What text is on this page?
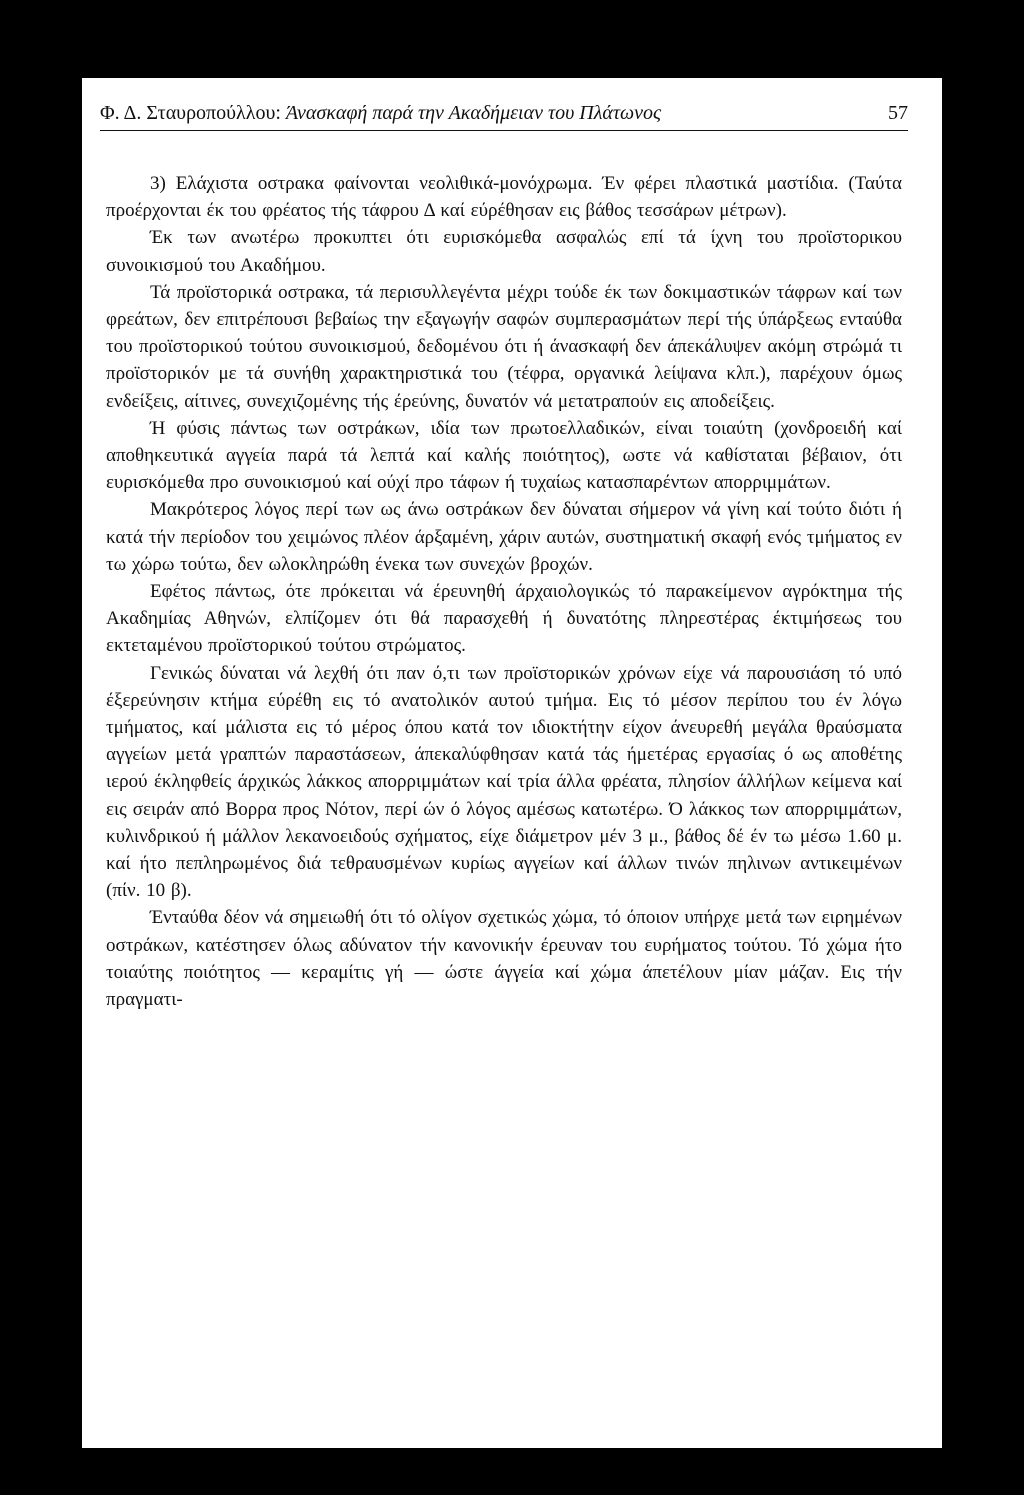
Φ. Δ. Σταυροπούλλου: Άνασκαφή παρά την Ακαδήμειαν του Πλάτωνος	57

3) Ελάχιστα οστρακα φαίνονται νεολιθικά-μονόχρωμα. Έν φέρει πλαστικά μαστίδια. (Ταύτα προέρχονται έκ του φρέατος τής τάφρου Δ καί εύρέθησαν εις βάθος τεσσάρων μέτρων).

Έκ των ανωτέρω προκυπτει ότι ευρισκόμεθα ασφαλώς επί τά ίχνη του προϊστορικου συνοικισμού του Ακαδήμου.

Τά προϊστορικά οστρακα, τά περισυλλεγέντα μέχρι τούδε έκ των δοκιμαστικών τάφρων καί των φρεάτων, δεν επιτρέπουσι βεβαίως την εξαγωγήν σαφών συμπερασμάτων περί τής ύπάρξεως ενταύθα του προϊστορικού τούτου συνοικισμού, δεδομένου ότι ή άνασκαφή δεν άπεκάλυψεν ακόμη στρώμά τι προϊστορικόν με τά συνήθη χαρακτηριστικά του (τέφρα, οργανικά λείψανα κλπ.), παρέχουν όμως ενδείξεις, αίτινες, συνεχιζομένης τής έρεύνης, δυνατόν νά μετατραπούν εις αποδείξεις.

Ή φύσις πάντως των οστράκων, ιδία των πρωτοελλαδικών, είναι τοιαύτη (χονδροειδή καί αποθηκευτικά αγγεία παρά τά λεπτά καί καλής ποιότητος), ωστε νά καθίσταται βέβαιον, ότι ευρισκόμεθα προ συνοικισμού καί ούχί προ τάφων ή τυχαίως κατασπαρέντων απορριμμάτων.

Μακρότερος λόγος περί των ως άνω οστράκων δεν δύναται σήμερον νά γίνη καί τούτο διότι ή κατά τήν περίοδον του χειμώνος πλέον άρξαμένη, χάριν αυτών, συστηματική σκαφή ενός τμήματος εν τω χώρω τούτω, δεν ωλοκληρώθη ένεκα των συνεχών βροχών.

Εφέτος πάντως, ότε πρόκειται νά έρευνηθή άρχαιολογικώς τό παρακείμενον αγρόκτημα τής Ακαδημίας Αθηνών, ελπίζομεν ότι θά παρασχεθή ή δυνατότης πληρεστέρας έκτιμήσεως του εκτεταμένου προϊστορικού τούτου στρώματος.

Γενικώς δύναται νά λεχθή ότι παν ό,τι των προϊστορικών χρόνων είχε νά παρουσιάση τό υπό έξερεύνησιν κτήμα εύρέθη εις τό ανατολικόν αυτού τμήμα. Εις τό μέσον περίπου του έν λόγω τμήματος, καί μάλιστα εις τό μέρος όπου κατά τον ιδιοκτήτην είχον άνευρεθή μεγάλα θραύσματα αγγείων μετά γραπτών παραστάσεων, άπεκαλύφθησαν κατά τάς ήμετέρας εργασίας ό ως αποθέτης ιερού έκληφθείς άρχικώς λάκκος απορριμμάτων καί τρία άλλα φρέατα, πλησίον άλλήλων κείμενα καί εις σειράν από Βορρα προς Νότον, περί ών ό λόγος αμέσως κατωτέρω. Ό λάκκος των απορριμμάτων, κυλινδρικού ή μάλλον λεκανοειδούς σχήματος, είχε διάμετρον μέν 3 μ., βάθος δέ έν τω μέσω 1.60 μ. καί ήτο πεπληρωμένος διά τεθραυσμένων κυρίως αγγείων καί άλλων τινών πηλινων αντικειμένων (πίν. 10 β).

Ένταύθα δέον νά σημειωθή ότι τό ολίγον σχετικώς χώμα, τό όποιον υπήρχε μετά των ειρημένων οστράκων, κατέστησεν όλως αδύνατον τήν κανονικήν έρευναν του ευρήματος τούτου. Τό χώμα ήτο τοιαύτης ποιότητος — κεραμίτις γή — ώστε άγγεία καί χώμα άπετέλουν μίαν μάζαν. Εις τήν πραγματι-
